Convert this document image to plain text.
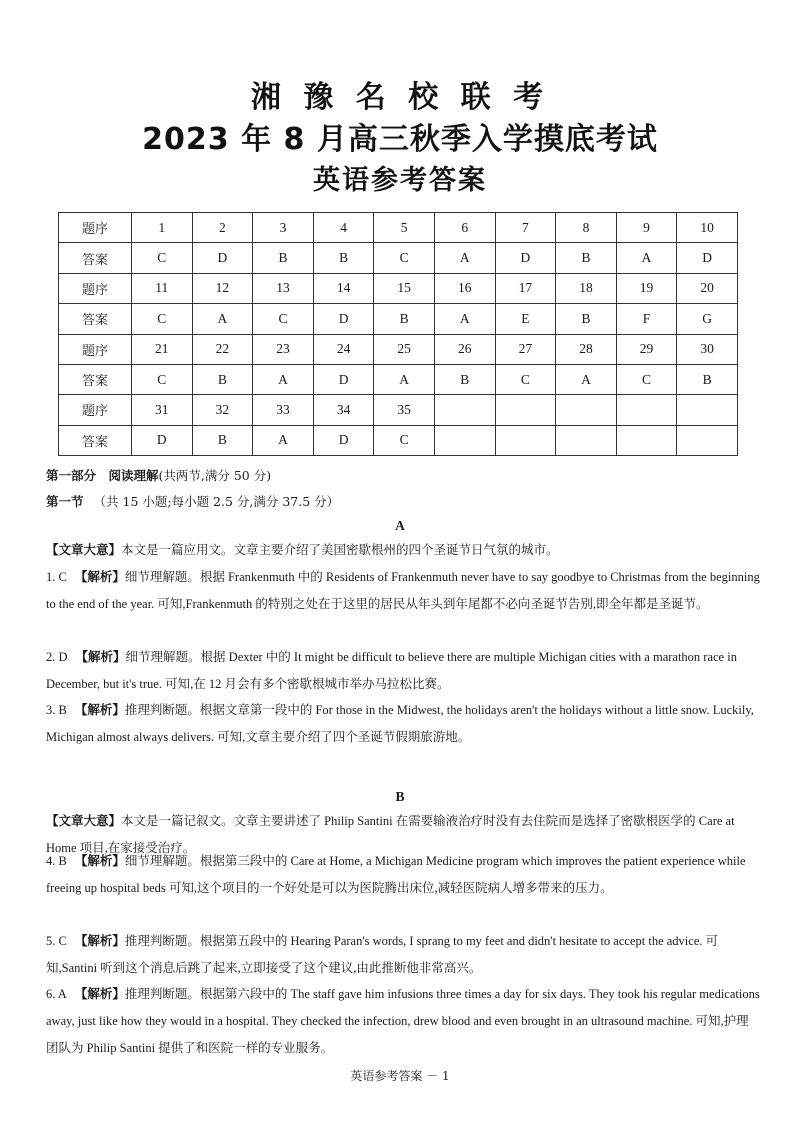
湘 豫 名 校 联 考
2023 年 8 月高三秋季入学摸底考试
英语参考答案
题序	1	2	3	4	5	6	7	8	9	10
答案	C	D	B	B	C	A	D	B	A	D
题序	11	12	13	14	15	16	17	18	19	20
答案	C	A	C	D	B	A	E	B	F	G
题序	21	22	23	24	25	26	27	28	29	30
答案	C	B	A	D	A	B	C	A	C	B
题序	31	32	33	34	35					
答案	D	B	A	D	C					
第一部分　阅读理解(共两节,满分 50 分)
第一节 （共 15 小题;每小题 2.5 分,满分 37.5 分）
A
【文章大意】本文是一篇应用文。文章主要介绍了美国密歇根州的四个圣诞节日气氛的城市。
1. C 【解析】细节理解题。根据 Frankenmuth 中的 Residents of Frankenmuth never have to say goodbye to Christmas from the beginning to the end of the year. 可知,Frankenmuth 的特别之处在于这里的居民从年头到年尾都不必向圣诞节告别,即全年都是圣诞节。
2. D 【解析】细节理解题。根据 Dexter 中的 It might be difficult to believe there are multiple Michigan cities with a marathon race in December, but it's true. 可知,在 12 月会有多个密歇根城市举办马拉松比赛。
3. B 【解析】推理判断题。根据文章第一段中的 For those in the Midwest, the holidays aren't the holidays without a little snow. Luckily, Michigan almost always delivers. 可知,文章主要介绍了四个圣诞节假期旅游地。
B
【文章大意】本文是一篇记叙文。文章主要讲述了 Philip Santini 在需要输液治疗时没有去住院而是选择了密歇根医学的 Care at Home 项目,在家接受治疗。
4. B 【解析】细节理解题。根据第三段中的 Care at Home, a Michigan Medicine program which improves the patient experience while freeing up hospital beds 可知,这个项目的一个好处是可以为医院腾出床位,减轻医院病人增多带来的压力。
5. C 【解析】推理判断题。根据第五段中的 Hearing Paran's words, I sprang to my feet and didn't hesitate to accept the advice. 可知,Santini 听到这个消息后跳了起来,立即接受了这个建议,由此推断他非常高兴。
6. A 【解析】推理判断题。根据第六段中的 The staff gave him infusions three times a day for six days. They took his regular medications away, just like how they would in a hospital. They checked the infection, drew blood and even brought in an ultrasound machine. 可知,护理团队为 Philip Santini 提供了和医院一样的专业服务。
英语参考答案 － 1
